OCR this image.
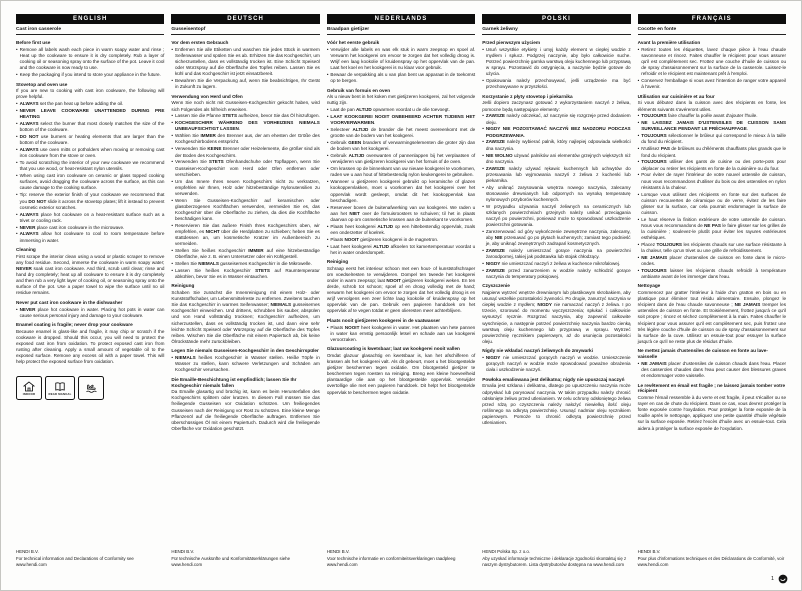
ENGLISH
Cast iron casserole
Before first use
• Remove all labels wash each piece in warm soapy water and rinse ; Heat up the cookware to ensure it is dry completely. Rub a layer of cooking oil or seasoning spray onto the surface of the pot. Leave it cool and the cookware is now ready to use.
• Keep the packaging if you intend to store your appliance in the future.
Stovetop and oven use
If you are new to cooking with cast iron cookware, the following will prove helpful.
• ALWAYS set the pan heat up before adding the oil.
• NEVER LEAVE COOKWARE UNATTENDED DURING PRE HEATING
• ALWAYS select the burner that most closely matches the size of the bottom of the cookware.
• DO NOT use burners or heating elements that are larger than the bottom of the cookware.
• ALWAYS use oven mitts or potholders when moving or removing cast iron cookware from the stove or oven.
• To avoid scratching the interior of your new cookware we recommend that you use wood, or heat-resistant nylon utensils.
• When using cast iron cookware on ceramic or glass topped cooking surfaces, avoid dragging the cookware across the surface, as this can cause damage to the cooking surface.
• Tip: reserve the exterior finish of your cookware we recommend that you DO NOT slide it across the stovetop plates; lift it instead to prevent cosmetic exterior scratches.
• ALWAYS place hot cookware on a heat-resistant surface such as a trivet or cooling rack.
• NEVER place cast iron cookware in the microwave.
• ALWAYS allow hot cookware to cool to room temperature before immersing in water.
Cleaning
First scrape the interior clean using a wood or plastic scraper to remove any food residue. Second, immerse the cookware in warm soapy water; NEVER soak cast iron cookware. And third, scrub until clean; rinse and hand dry completely; heat up all cookware to ensure it is dry completely and then rub a very light layer of cooking oil, or seasoning spray onto the surface of the pot. Use a paper towel to wipe the surface until no oil residue remains.
Never put cast iron cookware in the dishwasher
• NEVER place hot cookware in water. Placing hot pots in water can cause serious personal injury and damage to your cookware.
Enamel coating is fragile; never drop your cookware
Because enamel is glass-like and fragile, it may chip or scratch if the cookware is dropped. Should this occur, you will need to protect the exposed cast iron from oxidation. To protect exposed cast iron from rusting after cleaning. Apply a small amount of vegetable oil to the exposed surface. Remove any excess oil with a paper towel. This will help protect the exposed surface from oxidation.
INDOOR	READ MANUAL
HENDI B.V.
For technical information and Declarations of Conformity see www.hendi.com
DEUTSCH
Gusseisentopf
Vor dem ersten Gebrauch
• Entfernen Sie alle Etiketten und waschen Sie jedes Stück in warmem Seifenwasser und spülen Sie es ab. Erhitzen Sie das Kochgeschirr, um sicherzustellen, dass es vollständig trocken ist. Eine Schicht Speiseöl oder Würzspray auf die Oberfläche des Topfes reiben. Lassen Sie es kühl und das Kochgeschirr ist jetzt einsatzbereit.
• Bewahren Sie die Verpackung auf, wenn Sie beabsichtigen, Ihr Gerät in Zukunft zu lagern.
Verwendung von Herd und Ofen
Wenn Sie noch nicht mit Gusseisen-Kochgeschirr gekocht haben, wird sich Folgendes als hilfreich erweisen.
• Lassen Sie die Pfanne STETS aufheizen, bevor Sie das Öl hinzufügen.
• KOCHGESCHIRR WÄHREND DES VORHEIZENS NIEMALS UNBEAUFSICHTIGT LASSEN.
• Wählen Sie IMMER den Brenner aus, der am ehesten der Größe des Kochgeschirrbodens entspricht.
• Verwenden Sie KEINE Brenner oder Heizelemente, die größer sind als der Boden des Kochgeschirrs.
• Verwenden Sie STETS Ofenhandschuhe oder Topflappen, wenn Sie Gusseisen-Kochgeschirr vom Herd oder Ofen entfernen oder verschieben.
• Um das Innere Ihres neuen Kochgeschirrs nicht zu verkratzen, empfehlen wir Ihnen, Holz oder hitzebeständige Nylonutensilien zu verwenden.
• Wenn Sie Gusseisen-Kochgeschirr auf keramischen oder glasüberzogenen Kochflächen verwenden, vermeiden Sie es, das Kochgeschirr über die Oberfläche zu ziehen, da dies die Kochfläche beschädigen kann.
• Reservieren Sie das äußere Finish Ihres Kochgeschirrs oben, wir empfehlen, es NICHT über die Herdplatten zu schieben; heben Sie es stattdessen an, um kosmetische Kratzer im Außenbereich zu vermeiden.
• Stellen Sie heißes Kochgeschirr IMMER auf eine hitzebeständige Oberfläche, wie z. B. einen Untersetzer oder ein Kühlgestell.
• Stellen Sie NIEMALS gusseisernes Kochgeschirr in die Mikrowelle.
• Lassen Sie heißes Kochgeschirr STETS auf Raumtemperatur abkühlen, bevor Sie es in Wasser eintauchen.
Reinigung
Schaben Sie zunächst die Innenreinigung mit einem Holz- oder Kunststoffschaber, um Lebensmittelreste zu entfernen. Zweitens tauchen Sie das Kochgeschirr in warmes Seifenwasser; NIEMALS gusseisernes Kochgeschirr einweichen. Und drittens, schrubben bis sauber, abspülen und von Hand vollständig trocknen; Kochgeschirr aufheizen, um sicherzustellen, dass es vollständig trocken ist, und dann eine sehr leichte Schicht Speiseöl oder Würzspray auf die Oberfläche des Topfes reiben. Wischen Sie die Oberfläche mit einem Papiertuch ab, bis keine Ölrückstände mehr zurückbleiben.
Legen Sie niemals Gusseisen-Kochgeschirr in den Geschirrspüler
• NIEMALS heißes Kochgeschirr in Wasser stellen. Heiße Töpfe in Wasser zu stellen, kann schwere Verletzungen und Schäden am Kochgeschirr verursachen.
Die Emaille-Beschichtung ist empfindlich; lassen Sie Ihr Kochgeschirr niemals fallen
Da Emaille glasartig und brüchig ist, kann es beim Herunterfallen des Kochgeschirrs splittern oder kratzen. In diesem Fall müssen Sie das freiliegende Gusseisen vor Oxidation schützen. Um freiliegendes Gusseisen nach der Reinigung vor Rost zu schützen. Eine kleine Menge Pflanzenöl auf die freiliegende Oberfläche auftragen. Entfernen Sie überschüssiges Öl mit einem Papiertuch. Dadurch wird die freiliegende Oberfläche vor Oxidation geschützt.
HENDI B.V.
Für technische Auskünfte und Konformitätserklärungen siehe www.hendi.com
NEDERLANDS
Braadpan gietijzer
Vóór het eerste gebruik
• Verwijder alle labels en was elk stuk in warm zeepsop en spoel af. Verwarm het kookgerei om ervoor te zorgen dat het volledig droog is. Wrijf een laag kookolie of kruidenspray op het oppervlak van de pan. Laat het koel en het kookgerei is nu klaar voor gebruik.
• Bewaar de verpakking als u van plan bent uw apparaat in de toekomst op te bergen.
Gebruik van fornuis en oven
Als u nieuw bent in het koken met gietijzeren kookgerei, zal het volgende nuttig zijn.
• Laat de pan ALTIJD opwarmen voordat u de olie toevoegt.
• LAAT KOOKGEREI NOOIT ONBEHEERD ACHTER TIJDENS HET VOORVERWARMEN.
• Selecteer ALTIJD de brander die het meest overeenkomt met de grootte van de bodem van het kookgerei.
• Gebruik GEEN branders of verwarmingselementen die groter zijn dan de bodem van het kookgerei.
• Gebruik ALTIJD ovenwanten of pannenlappen bij het verplaatsen of verwijderen van gietijzeren kookgerei van het fornuis of de oven.
• Om krassen op de binnenkant van uw nieuwe kookgerei te voorkomen, raden we u aan hout of hittebestendig nylon keukengerei te gebruiken.
• Wanneer u gietijzeren kookgerei gebruikt op keramische of glazen kookoppervlakken, moet u voorkomen dat het kookgerei over het oppervlak wordt gesleept, omdat dit het kookoppervlak kan beschadigen.
• Reserveer boven de buitenafwerking van uw kookgerei. We raden u aan het NIET over de fornuisroosters te schuiven; til het in plaats daarvan op om cosmetische krassen aan de buitenkant te voorkomen.
• Plaats heet kookgerei ALTIJD op een hittebestendig oppervlak, zoals een onderzetter of koelrek.
• Plaats NOOIT gietijzeren kookgerei in de magnetron.
• Laat heet kookgerei ALTIJD afkoelen tot kamertemperatuur voordat u het in water onderdompelt.
Reiniging
Schraap eerst het interieur schoon met een hout- of kunststofschraper om voedselresten te verwijderen. Dompel ten tweede het kookgerei onder in warm zeepsop; laat NOOIT gietijzeren kookgerei weken. En ten derde, schrob tot schoon; spoel af en droog volledig met de hand; verwarm het kookgerei om ervoor te zorgen dat het volledig droog is en wrijf vervolgens een zeer lichte laag kookolie of kruidenspray op het oppervlak van de pan. Gebruik een papieren handdoek om het oppervlak af te vegen totdat er geen olieresten meer achterblijven.
Plaats nooit gietijzeren kookgerei in de vaatwasser
• Plaats NOOIT heet kookgerei in water. Het plaatsen van hete pannen in water kan ernstig persoonlijk letsel en schade aan uw kookgerei veroorzaken.
Glazuurcoating is kwetsbaar; laat uw kookgerei nooit vallen
Omdat glazuur glasachtig en kwetsbaar is, kan het afschilferen of krassen als het kookgerei valt. Als dit gebeurt, moet u het blootgestelde gietijzer beschermen tegen oxidatie. Om blootgesteld gietijzer te beschermen tegen roesten na reiniging. Breng een kleine hoeveelheid plantaardige olie aan op het blootgestelde oppervlak. Verwijder overtollige olie met een papieren handdoek. Dit helpt het blootgestelde oppervlak te beschermen tegen oxidatie.
HENDI B.V.
Voor technische informatie en conformiteitsverklaringen raadpleeg www.hendi.com
POLSKI
Garnek żeliwny
Przed pierwszym użyciem
• Usuń wszystkie etykiety i umyj każdy element w ciepłej wodzie z mydłem i spłucz. Podgrzej naczynie, aby było całkowicie suche. Potrzeć powierzchnię garnka warstwą oleju kuchennego lub przyprawą w sprayu. Pozostawić do ostygnięcia, a naczynie będzie gotowe do użycia.
• Opakowania należy przechowywać, jeśli urządzenie ma być przechowywane w przyszłości.
Korzystanie z płyty stovetop i piekarnika
Jeśli dopiero zaczynasz gotować z wykorzystaniem naczyń z żeliwa, pomocne będą następujące elementy:
• ZAWSZE należy odczekać, aż naczynie się rozgrzeje przed dodaniem oleju.
• NIGDY NIE POZOSTAWIAĆ NACZYŃ BEZ NADZORU PODCZAS PODGRZEWANIA.
• ZAWSZE należy wybierać palnik, który najlepiej odpowiada wielkości dna naczynia.
• NIE WOLNO używać palników ani elementów grzejnych większych niż dno naczynia.
• ZAWSZE należy używać rękawic kuchennych lub uchwytów do przesuwania lub wyjmowania naczyń z żeliwa z kuchenki lub piekarnika.
• Aby uniknąć zarysowania wnętrza nowego naczynia, zalecamy stosowanie drewnianych lub odpornych na wysoką temperaturę nylonowych przyborów kuchennych.
• W przypadku używania naczyń żeliwnych na ceramicznych lub szklanych powierzchniach grzejnych należy unikać przeciągania naczyń po powierzchni, ponieważ może to spowodować uszkodzenie powierzchni gotowania.
• Zarezerwować od góry wykończenie zewnętrzne naczynia, zalecamy, aby NIE przesuwać go po płytach kuchennych; zamiast tego podnieść je, aby uniknąć zewnętrznych zadrapań kosmetycznych.
• ZAWSZE należy umieszczać gorące naczynia na powierzchni żaroodpornej, takiej jak podstawka lub stojak chłodzący.
• NIGDY nie umieszczać naczyń z żeliwa w kuchence mikrofalowej.
• ZAWSZE przed zanurzeniem w wodzie należy schłodzić gorące naczynia do temperatury pokojowej.
Czyszczenie
Najpierw wytrzeć wnętrze drewnianym lub plastikowym skrobakiem, aby usunąć wszelkie pozostałości żywności. Po drugie, zanurzyć naczynia w ciepłej wodzie z mydłem; NIGDY nie namaczać naczyń z żeliwa. I po trzecie, szorować do momentu wyczyszczenia; spłukać i całkowicie wysuszyć ręcznie. Rozgrzać naczynia, aby zapewnić całkowite wyschnięcie, a następnie potrzeć powierzchnię naczynia bardzo cienką warstwą oleju kuchennego lub przyprawą w sprayu. Wytrzeć powierzchnię ręcznikiem papierowym, aż do usunięcia pozostałości oleju.
Nigdy nie wkładać naczyń żeliwnych do zmywarki
• NIGDY nie umieszczać gorących naczyń w wodzie. Umieszczenie gorących naczyń w wodzie może spowodować poważne obrażenia ciała i uszkodzenie naczyń.
Powłoka emaliowana jest delikatna; nigdy nie upuszczaj naczyń
Emalia jest szklana i delikatna, dlatego po upuszczeniu naczynia może odpryskać lub porysować naczynia. W takim przypadku należy chronić odsłonięte żeliwo przed utlenianiem. W celu ochrony odsłoniętego żeliwa przed rdzą po czyszczeniu należy nałożyć niewielką ilość oleju roślinnego na odkrytą powierzchnię. Usunąć nadmiar oleju ręcznikiem papierowym. Pomoże to chronić odkrytą powierzchnię przed utlenianiem.
HENDI Polska Sp. z o.o.
Aby uzyskać informacje techniczne i deklaracje zgodności skontaktuj się z naszym dystrybutorem. Lista dystrybutorów dostępna na www.hendi.com
FRANÇAIS
Cocotte en fonte
Avant la première utilisation
• Retirez toutes les étiquettes, lavez chaque pièce à l'eau chaude savonneuse et rincez. Faites chauffer le récipient pour vous assurer qu'il est complètement sec. Frottez une couche d'huile de cuisson ou de spray d'assaisonnement sur la surface de la casserole. Laissez-le refroidir et le récipient est maintenant prêt à l'emploi.
• Conservez l'emballage si vous avez l'intention de ranger votre appareil à l'avenir.
Utilisation sur cuisinière et au four
Si vous débutez dans la cuisson avec des récipients en fonte, les éléments suivants s'avéreront utiles.
• TOUJOURS faire chauffer la poêle avant d'ajouter l'huile.
• NE LAISSEZ JAMAIS D'USTENSILES DE CUISSON SANS SURVEILLANCE PENDANT LE PRÉCHAUFFAGE.
• TOUJOURS sélectionner le brûleur qui correspond le mieux à la taille du fond du récipient.
• N'utilisez PAS de brûleurs ou d'éléments chauffants plus grands que le fond du récipient.
• TOUJOURS utiliser des gants de cuisine ou des porte-pots pour déplacer ou retirer les récipients en fonte de la cuisinière ou du four.
• Pour éviter de rayer l'intérieur de votre nouvel ustensile de cuisson, nous vous recommandons d'utiliser du bois ou des ustensiles en nylon résistants à la chaleur.
• Lorsque vous utilisez des récipients en fonte sur des surfaces de cuisson recouvertes de céramique ou de verre, évitez de les faire glisser sur la surface, car cela pourrait endommager la surface de cuisson.
• Le haut réserve la finition extérieure de votre ustensile de cuisson. Nous vous recommandons de NE PAS le faire glisser sur les grilles de la cuisinière ; soulevez-le plutôt pour éviter les rayures extérieures esthétiques.
• Placez TOUJOURS les récipients chauds sur une surface résistante à la chaleur, telle qu'un trivet ou une grille de refroidissement.
• NE JAMAIS placer d'ustensiles de cuisson en fonte dans le micro-ondes.
• TOUJOURS laisser les récipients chauds refroidir à température ambiante avant de les immerger dans l'eau.
Nettoyage
Commencez par gratter l'intérieur à l'aide d'un gratton en bois ou en plastique pour éliminer tout résidu alimentaire. Ensuite, plongez le récipient dans de l'eau chaude savonneuse ; NE JAMAIS tremper les ustensiles de cuisson en fonte. Et troisièmement, frottez jusqu'à ce qu'il soit propre ; rincez et séchez complètement à la main. Faites chauffer le récipient pour vous assurer qu'il est complètement sec, puis frottez une très légère couche d'huile de cuisson ou de spray d'assaisonnement sur la surface de la cuve. Utilisez un essuie-tout pour essuyer la surface jusqu'à ce qu'il ne reste plus de résidus d'huile.
Ne mettez jamais d'ustensiles de cuisson en fonte au lave-vaisselle
• NE JAMAIS placer d'ustensiles de cuisson chauds dans l'eau. Placer des casseroles chaudes dans l'eau peut causer des blessures graves et endommager votre vaisselle.
Le revêtement en émail est fragile ; ne laissez jamais tomber votre récipient
Comme l'émail ressemble à du verre et est fragile, il peut s'écailler ou se rayer en cas de chute du récipient. Dans ce cas, vous devrez protéger la fonte exposée contre l'oxydation. Pour protéger la fonte exposée de la rouille après le nettoyage, appliquez une petite quantité d'huile végétale sur la surface exposée. Retirez l'excès d'huile avec un essuie-tout. Cela aidera à protéger la surface exposée de l'oxydation.
HENDI B.V.
Pour plus d'informations techniques et des Déclarations de Conformité, voir www.hendi.com
1
